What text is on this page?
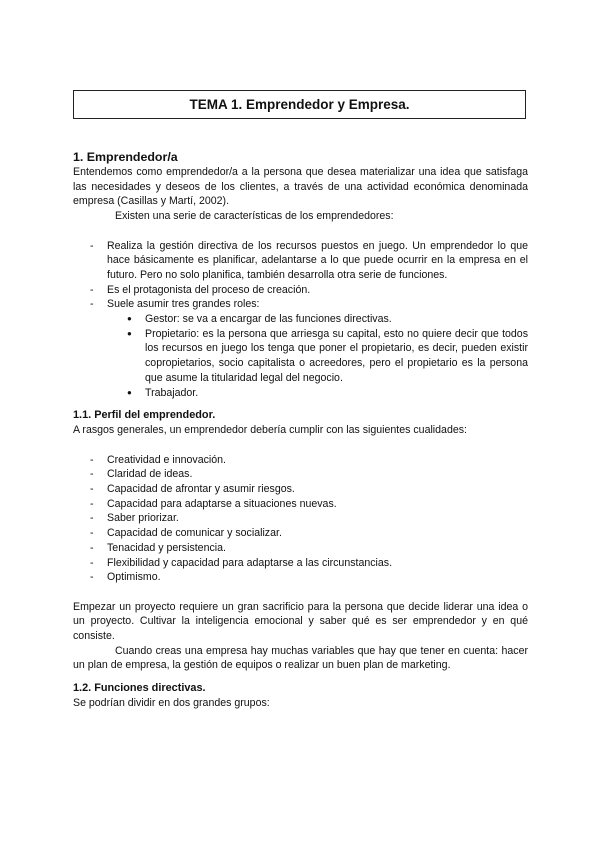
TEMA 1. Emprendedor y Empresa.
1. Emprendedor/a

Entendemos como emprendedor/a a la persona que desea materializar una idea que satisfaga las necesidades y deseos de los clientes, a través de una actividad económica denominada empresa (Casillas y Martí, 2002).

Existen una serie de características de los emprendedores:

- Realiza la gestión directiva de los recursos puestos en juego. Un emprendedor lo que hace básicamente es planificar, adelantarse a lo que puede ocurrir en la empresa en el futuro. Pero no solo planifica, también desarrolla otra serie de funciones.
- Es el protagonista del proceso de creación.
- Suele asumir tres grandes roles:
● Gestor: se va a encargar de las funciones directivas.
● Propietario: es la persona que arriesga su capital, esto no quiere decir que todos los recursos en juego los tenga que poner el propietario, es decir, pueden existir copropietarios, socio capitalista o acreedores, pero el propietario es la persona que asume la titularidad legal del negocio.
● Trabajador.
1.1. Perfil del emprendedor.

A rasgos generales, un emprendedor debería cumplir con las siguientes cualidades:

- Creatividad e innovación.
- Claridad de ideas.
- Capacidad de afrontar y asumir riesgos.
- Capacidad para adaptarse a situaciones nuevas.
- Saber priorizar.
- Capacidad de comunicar y socializar.
- Tenacidad y persistencia.
- Flexibilidad y capacidad para adaptarse a las circunstancias.
- Optimismo.

Empezar un proyecto requiere un gran sacrificio para la persona que decide liderar una idea o un proyecto. Cultivar la inteligencia emocional y saber qué es ser emprendedor y en qué consiste.

Cuando creas una empresa hay muchas variables que hay que tener en cuenta: hacer un plan de empresa, la gestión de equipos o realizar un buen plan de marketing.

1.2. Funciones directivas.

Se podrían dividir en dos grandes grupos:
